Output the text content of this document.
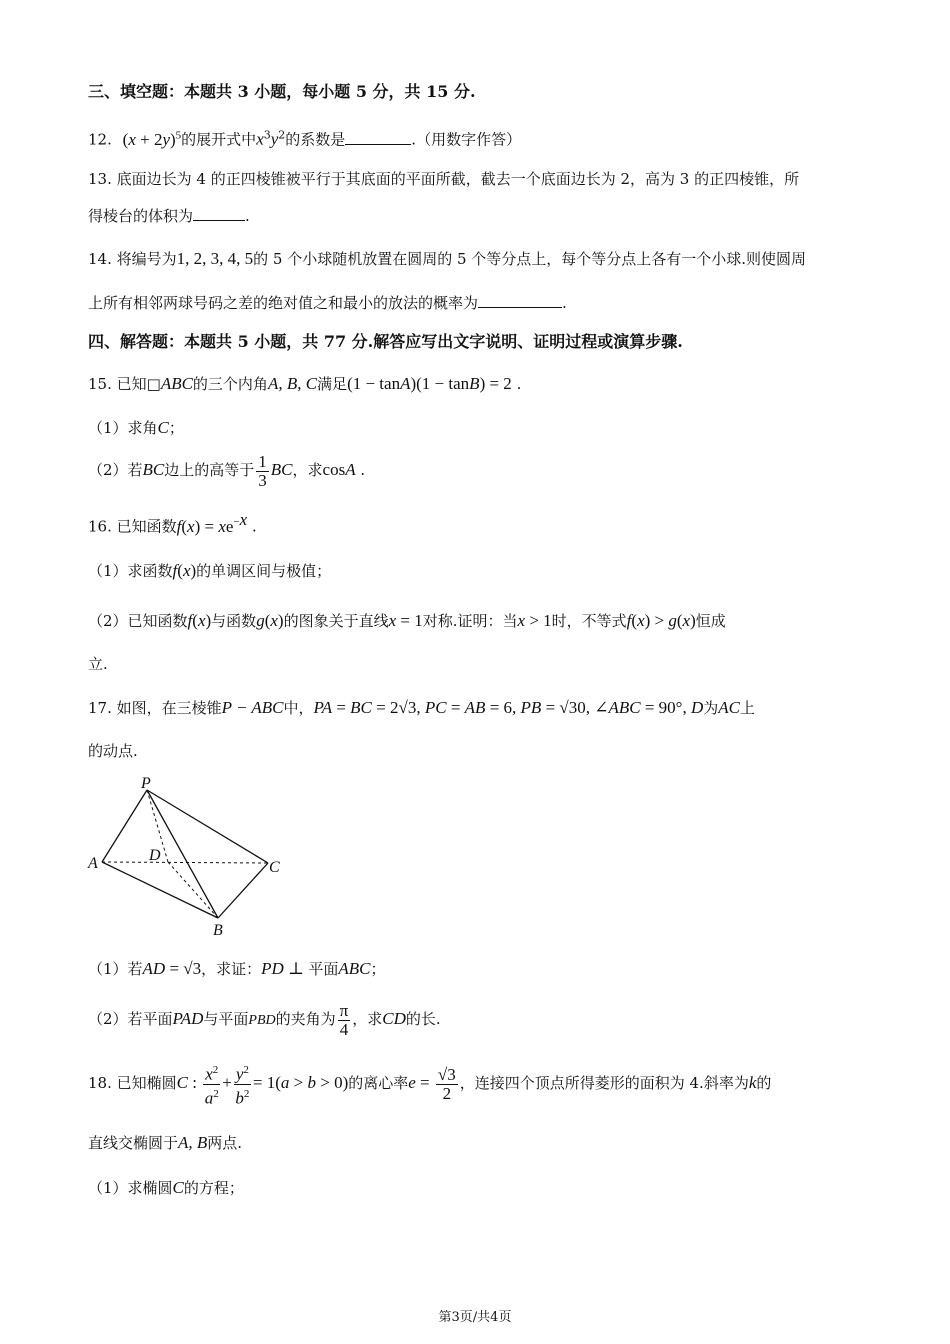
三、填空题：本题共 3 小题，每小题 5 分，共 15 分.
12. $(x + 2y)^5$的展开式中$x^3y^2$的系数是	.（用数字作答）
13. 底面边长为 4 的正四棱锥被平行于其底面的平面所截，截去一个底面边长为 2，高为 3 的正四棱锥，所
得棱台的体积为	.
14. 将编号为1, 2, 3, 4, 5的 5 个小球随机放置在圆周的 5 个等分点上，每个等分点上各有一个小球.则使圆周
上所有相邻两球号码之差的绝对值之和最小的放法的概率为	.
四、解答题：本题共 5 小题，共 77 分.解答应写出文字说明、证明过程或演算步骤.
15. 已知□ABC的三个内角A, B, C满足(1 − tanA)(1 − tanB) = 2 .
（1）求角C；
（2）若BC边上的高等于 $\frac{1}{3}$ BC，求cosA .
16. 已知函数$f(x) = xe^{-x}$ .
（1）求函数f(x)的单调区间与极值；
（2）已知函数f(x)与函数g(x)的图象关于直线x = 1对称.证明：当x > 1时，不等式f(x) > g(x)恒成
立.
17. 如图，在三棱锥P − ABC中，PA = BC = 2√3, PC = AB = 6, PB = √30, ∠ABC = 90°, D为AC上
的动点.
P
A	D
C
B
（1）若AD = √3，求证：PD ⊥ 平面ABC；
（2）若平面PAD与平面PBD的夹角为 $\frac{\pi}{4}$ ，求CD的长.
18. 已知椭圆C : $\frac{x^2}{a^2} + \frac{y^2}{b^2} = 1(a > b > 0)$的离心率$e = \frac{√3}{2}$ ，连接四个顶点所得菱形的面积为 4.斜率为k的
直线交椭圆于A, B两点.
（1）求椭圆C的方程；
第3页/共4页
